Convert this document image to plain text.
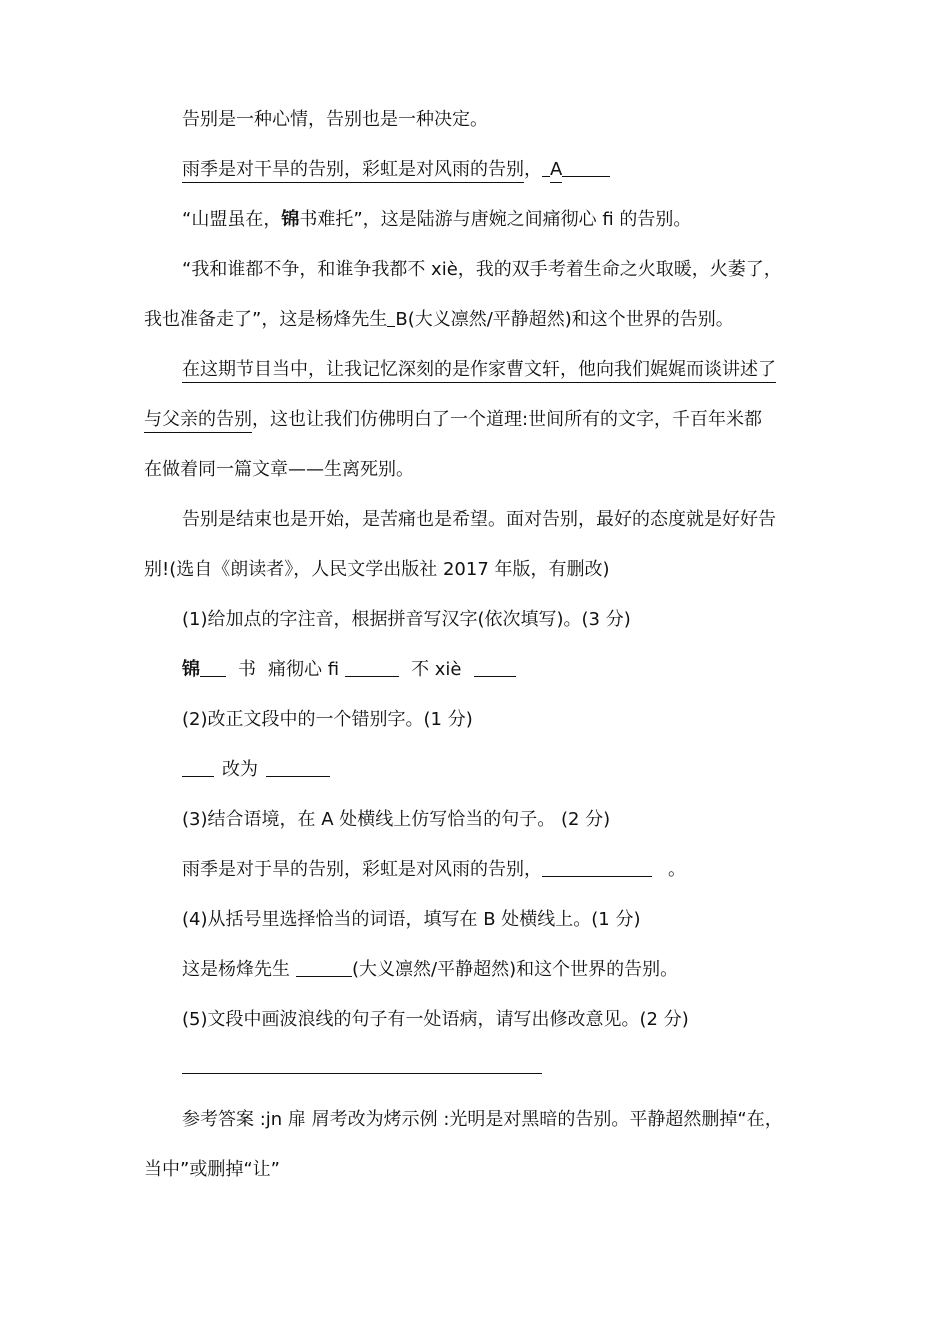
告别是一种心情，告别也是一种决定。

雨季是对干旱的告别，彩虹是对风雨的告别， A

“山盟虽在，锦书难托”，这是陆游与唐婉之间痛彻心 fi 的告别。

“我和谁都不争，和谁争我都不 xiè，我的双手考着生命之火取暖，火萎了，

我也准备走了”，这是杨烽先生 B(大义凛然/平静超然)和这个世界的告别。

在这期节目当中，让我记忆深刻的是作家曹文轩，他向我们娓娓而谈讲述了

与父亲的告别，这也让我们仿佛明白了一个道理:世间所有的文字，千百年米都

在做着同一篇文章——生离死别。

告别是结束也是开始，是苦痛也是希望。面对告别，最好的态度就是好好告

别!(选自《朗读者》，人民文学出版社 2017 年版，有删改)

(1)给加点的字注音，根据拼音写汉字(依次填写)。(3 分)

锦 书 痛彻心 fi	不 xiè

(2)改正文段中的一个错别字。(1 分)

改为

(3)结合语境，在 A 处横线上仿写恰当的句子。 (2 分)

雨季是对于旱的告别，彩虹是对风雨的告别，	。

(4)从括号里选择恰当的词语，填写在 B 处横线上。(1 分)

这是杨烽先生	(大义凛然/平静超然)和这个世界的告别。

(5)文段中画波浪线的句子有一处语病，请写出修改意见。(2 分)

参考答案 :jn 扉 屑考改为烤示例 :光明是对黑暗的告别。平静超然删掉“在，

当中”或删掉“让”
